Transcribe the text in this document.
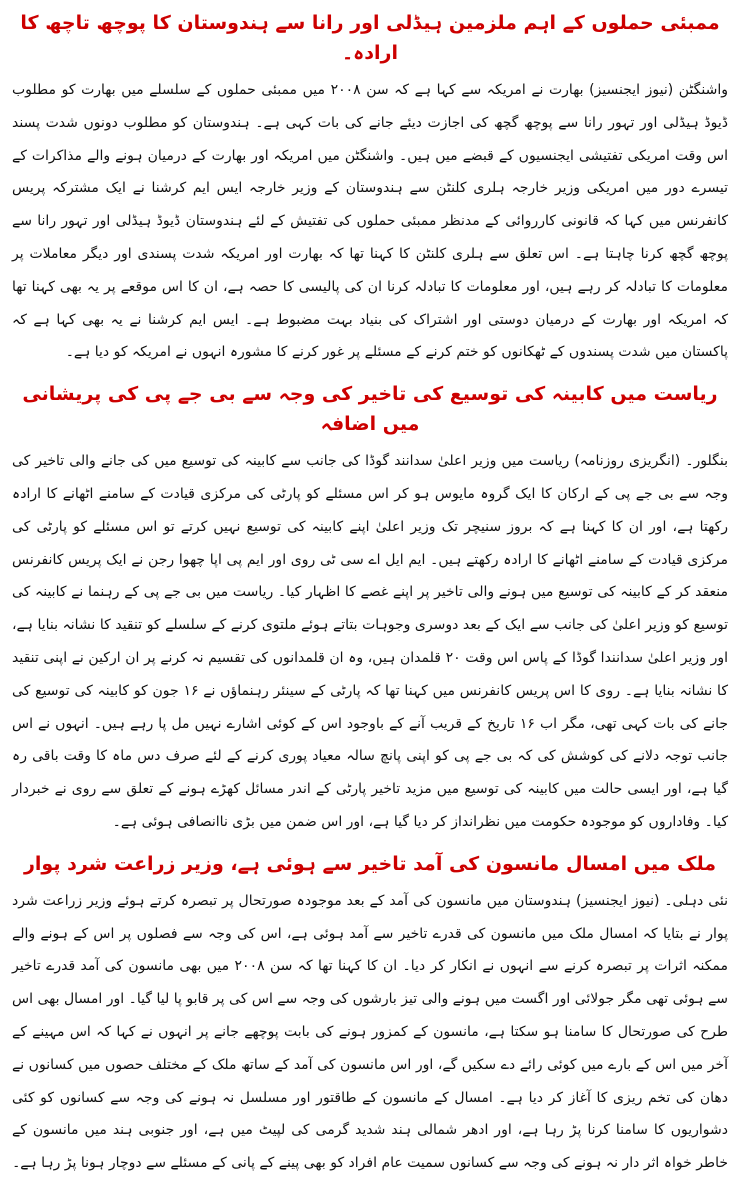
ممبئی حملوں کے اہم ملزمین ہیڈلی اور رانا سے ہندوستان کا پوچھ تاچھ کا ارادہ۔

واشنگٹن (نیوز ایجنسیز) بھارت نے امریکہ سے کہا ہے کہ سن ۲۰۰۸ میں ممبئی حملوں کے سلسلے میں بھارت کو مطلوب ڈیوڈ ہیڈلی اور تہور رانا سے پوچھ گچھ کی اجازت دیئے جانے کی بات کہی ہے۔ ہندوستان کو مطلوب دونوں شدت پسند اس وقت امریکی تفتیشی ایجنسیوں کے قبضے میں ہیں۔ واشنگٹن میں امریکہ اور بھارت کے درمیان ہونے والے مذاکرات کے تیسرے دور میں امریکی وزیر خارجہ ہلری کلنٹن سے ہندوستان کے وزیر خارجہ ایس ایم کرشنا نے ایک مشترکہ پریس کانفرنس میں کہا کہ قانونی کارروائی کے مدنظر ممبئی حملوں کی تفتیش کے لئے ہندوستان ڈیوڈ ہیڈلی اور تہور رانا سے پوچھ گچھ کرنا چاہتا ہے۔ اس تعلق سے ہلری کلنٹن کا کہنا تھا کہ بھارت اور امریکہ شدت پسندی اور دیگر معاملات پر معلومات کا تبادلہ کر رہے ہیں، اور معلومات کا تبادلہ کرنا ان کی پالیسی کا حصہ ہے، ان کا اس موقعے پر یہ بھی کہنا تھا کہ امریکہ اور بھارت کے درمیان دوستی اور اشتراک کی بنیاد بہت مضبوط ہے۔ ایس ایم کرشنا نے یہ بھی کہا ہے کہ پاکستان میں شدت پسندوں کے ٹھکانوں کو ختم کرنے کے مسئلے پر غور کرنے کا مشورہ انہوں نے امریکہ کو دیا ہے۔

ریاست میں کابینہ کی توسیع کی تاخیر کی وجہ سے بی جے پی کی پریشانی میں اضافہ

بنگلور۔ (انگریزی روزنامہ) ریاست میں وزیر اعلیٰ سدانند گوڈا کی جانب سے کابینہ کی توسیع میں کی جانے والی تاخیر کی وجہ سے بی جے پی کے ارکان کا ایک گروہ مایوس ہو کر اس مسئلے کو پارٹی کی مرکزی قیادت کے سامنے اٹھانے کا ارادہ رکھتا ہے، اور ان کا کہنا ہے کہ بروز سنیچر تک وزیر اعلیٰ اپنے کابینہ کی توسیع نہیں کرتے تو اس مسئلے کو پارٹی کی مرکزی قیادت کے سامنے اٹھانے کا ارادہ رکھتے ہیں۔ ایم ایل اے سی ٹی روی اور ایم پی اپا چھوا رجن نے ایک پریس کانفرنس منعقد کر کے کابینہ کی توسیع میں ہونے والی تاخیر پر اپنے غصے کا اظہار کیا۔ ریاست میں بی جے پی کے رہنما نے کابینہ کی توسیع کو وزیر اعلیٰ کی جانب سے ایک کے بعد دوسری وجوہات بتاتے ہوئے ملتوی کرنے کے سلسلے کو تنقید کا نشانہ بنایا ہے، اور وزیر اعلیٰ سدانندا گوڈا کے پاس اس وقت ۲۰ قلمدان ہیں، وہ ان قلمدانوں کی تقسیم نہ کرنے پر ان ارکین نے اپنی تنقید کا نشانہ بنایا ہے۔ روی کا اس پریس کانفرنس میں کہنا تھا کہ پارٹی کے سینئر رہنماؤں نے ۱۶ جون کو کابینہ کی توسیع کی جانے کی بات کہی تھی، مگر اب ۱۶ تاریخ کے قریب آنے کے باوجود اس کے کوئی اشارے نہیں مل پا رہے ہیں۔ انہوں نے اس جانب توجہ دلانے کی کوشش کی کہ بی جے پی کو اپنی پانچ سالہ معیاد پوری کرنے کے لئے صرف دس ماہ کا وقت باقی رہ گیا ہے، اور ایسی حالت میں کابینہ کی توسیع میں مزید تاخیر پارٹی کے اندر مسائل کھڑے ہونے کے تعلق سے روی نے خبردار کیا۔ وفاداروں کو موجودہ حکومت میں نظرانداز کر دیا گیا ہے، اور اس ضمن میں بڑی ناانصافی ہوئی ہے۔

ملک میں امسال مانسون کی آمد تاخیر سے ہوئی ہے، وزیر زراعت شرد پوار

نئی دہلی۔ (نیوز ایجنسیز) ہندوستان میں مانسون کی آمد کے بعد موجودہ صورتحال پر تبصرہ کرتے ہوئے وزیر زراعت شرد پوار نے بتایا کہ امسال ملک میں مانسون کی قدرے تاخیر سے آمد ہوئی ہے، اس کی وجہ سے فصلوں پر اس کے ہونے والے ممکنہ اثرات پر تبصرہ کرنے سے انہوں نے انکار کر دیا۔ ان کا کہنا تھا کہ سن ۲۰۰۸ میں بھی مانسون کی آمد قدرے تاخیر سے ہوئی تھی مگر جولائی اور اگست میں ہونے والی تیز بارشوں کی وجہ سے اس کی پر قابو پا لیا گیا۔ اور امسال بھی اس طرح کی صورتحال کا سامنا ہو سکتا ہے، مانسون کے کمزور ہونے کی بابت پوچھے جانے پر انہوں نے کہا کہ اس مہینے کے آخر میں اس کے بارے میں کوئی رائے دے سکیں گے، اور اس مانسون کی آمد کے ساتھ ملک کے مختلف حصوں میں کسانوں نے دھان کی تخم ریزی کا آغاز کر دیا ہے۔ امسال کے مانسون کے طاقتور اور مسلسل نہ ہونے کی وجہ سے کسانوں کو کئی دشواریوں کا سامنا کرنا پڑ رہا ہے، اور ادھر شمالی ہند شدید گرمی کی لپیٹ میں ہے، اور جنوبی ہند میں مانسون کے خاطر خواہ اثر دار نہ ہونے کی وجہ سے کسانوں سمیت عام افراد کو بھی پینے کے پانی کے مسئلے سے دوچار ہونا پڑ رہا ہے۔
